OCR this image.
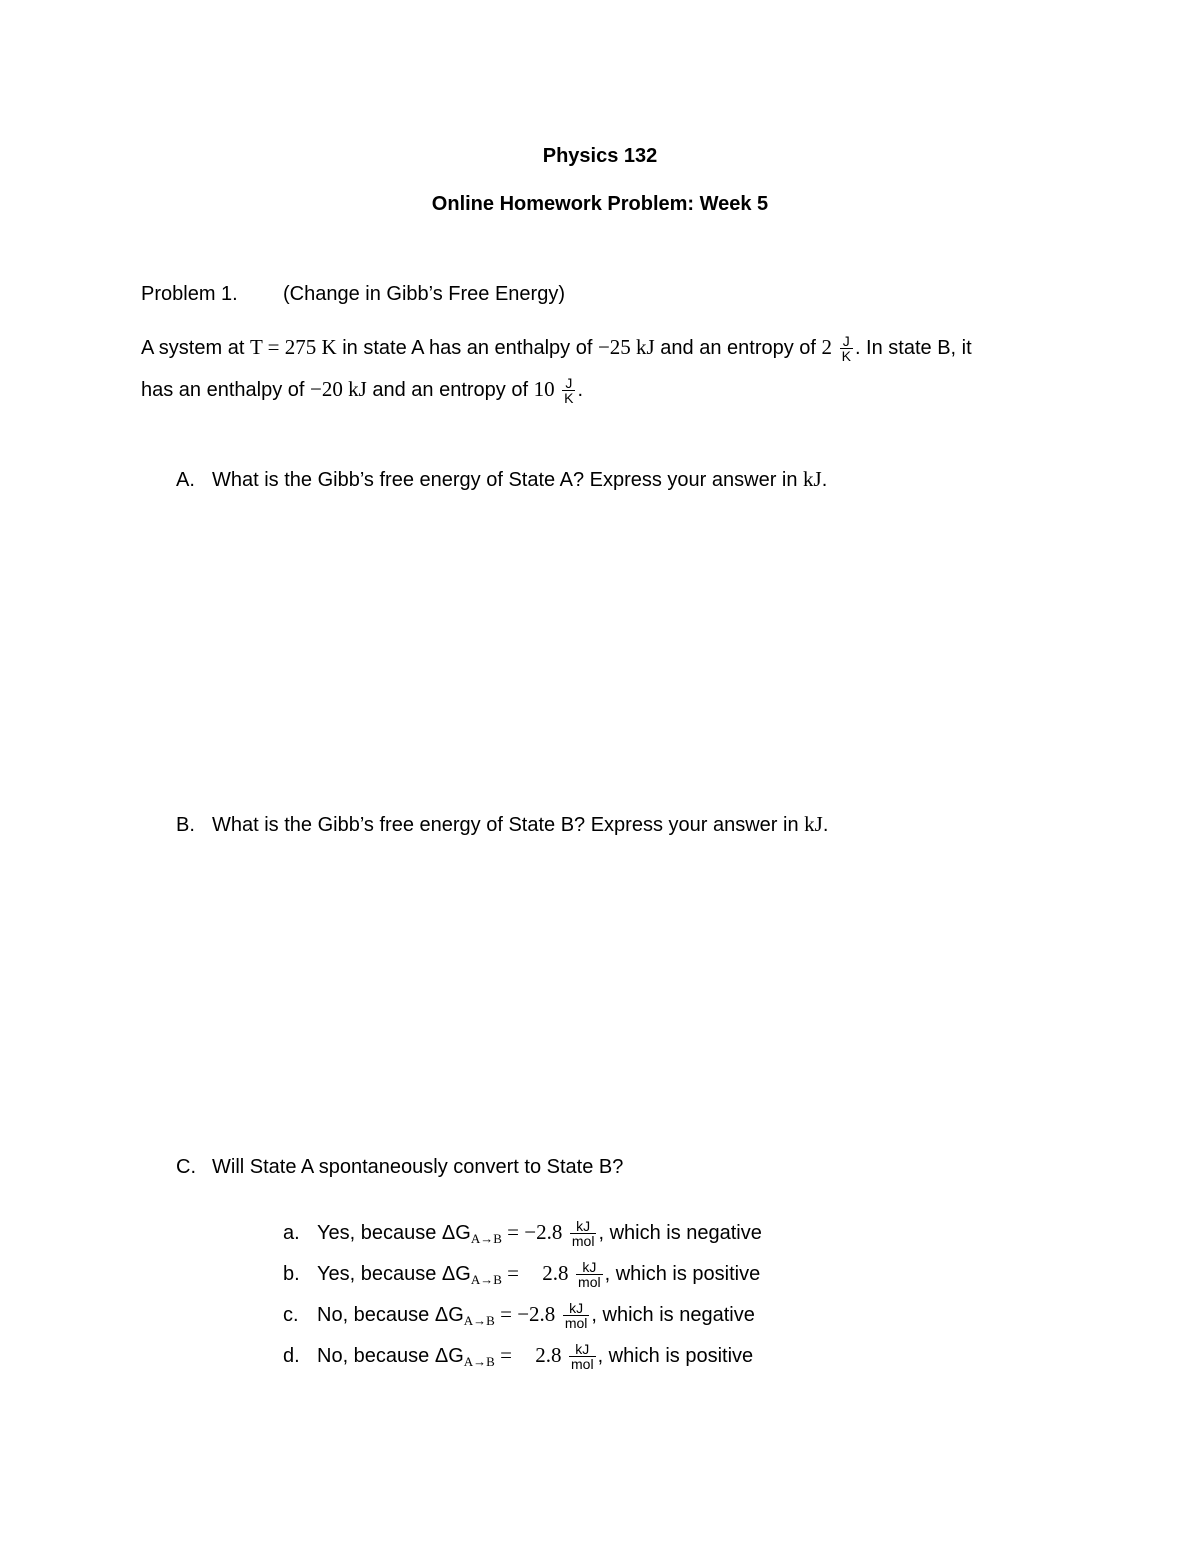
Physics 132
Online Homework Problem: Week 5
Problem 1. (Change in Gibb’s Free Energy)
A system at T = 275 K in state A has an enthalpy of −25 kJ and an entropy of $2 \frac{J}{K}$ . In state B, it
has an enthalpy of −20 kJ and an entropy of $10 \frac{J}{K}$ .
A. What is the Gibb’s free energy of State A? Express your answer in kJ.
B. What is the Gibb’s free energy of State B? Express your answer in kJ.
C. Will State A spontaneously convert to State B?
a. Yes, because $\Delta G_{A\to B} = -2.8 \frac{kJ}{\text{mol}}$ , which is negative
b. Yes, because $\Delta G_{A\to B} = 2.8 \frac{kJ}{\text{mol}}$ , which is positive
c. No, because $\Delta G_{A\to B} = -2.8 \frac{kJ}{\text{mol}}$ , which is negative
d. No, because $\Delta G_{A\to B} = 2.8 \frac{kJ}{\text{mol}}$ , which is positive
